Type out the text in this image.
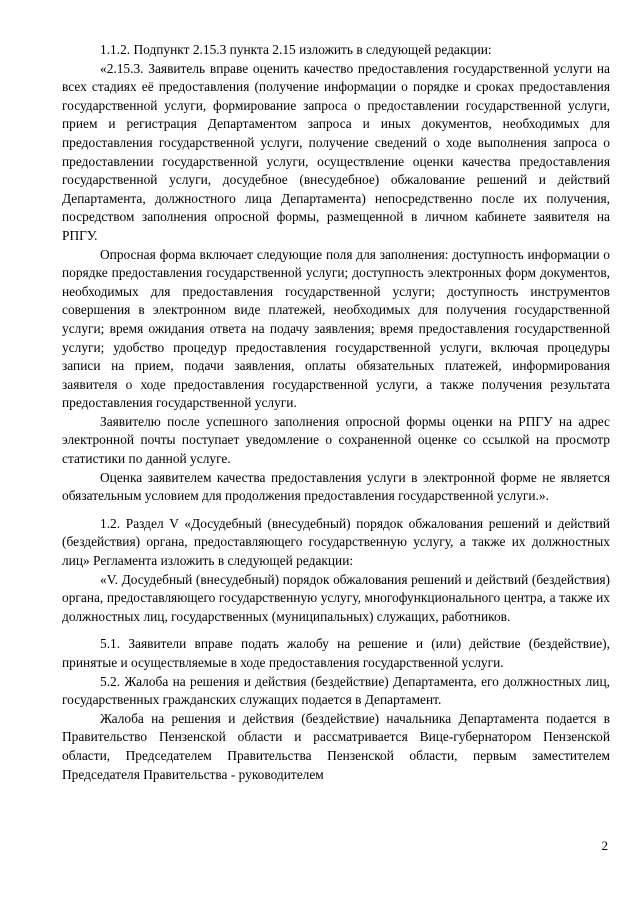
1.1.2. Подпункт 2.15.3 пункта 2.15 изложить в следующей редакции:

«2.15.3. Заявитель вправе оценить качество предоставления государственной услуги на всех стадиях её предоставления (получение информации о порядке и сроках предоставления государственной услуги, формирование запроса о предоставлении государственной услуги, прием и регистрация Департаментом запроса и иных документов, необходимых для предоставления государственной услуги, получение сведений о ходе выполнения запроса о предоставлении государственной услуги, осуществление оценки качества предоставления государственной услуги, досудебное (внесудебное) обжалование решений и действий Департамента, должностного лица Департамента) непосредственно после их получения, посредством заполнения опросной формы, размещенной в личном кабинете заявителя на РПГУ.

Опросная форма включает следующие поля для заполнения: доступность информации о порядке предоставления государственной услуги; доступность электронных форм документов, необходимых для предоставления государственной услуги; доступность инструментов совершения в электронном виде платежей, необходимых для получения государственной услуги; время ожидания ответа на подачу заявления; время предоставления государственной услуги; удобство процедур предоставления государственной услуги, включая процедуры записи на прием, подачи заявления, оплаты обязательных платежей, информирования заявителя о ходе предоставления государственной услуги, а также получения результата предоставления государственной услуги.

Заявителю после успешного заполнения опросной формы оценки на РПГУ на адрес электронной почты поступает уведомление о сохраненной оценке со ссылкой на просмотр статистики по данной услуге.

Оценка заявителем качества предоставления услуги в электронной форме не является обязательным условием для продолжения предоставления государственной услуги.».

1.2. Раздел V «Досудебный (внесудебный) порядок обжалования решений и действий (бездействия) органа, предоставляющего государственную услугу, а также их должностных лиц» Регламента изложить в следующей редакции:

«V. Досудебный (внесудебный) порядок обжалования решений и действий (бездействия) органа, предоставляющего государственную услугу, многофункционального центра, а также их должностных лиц, государственных (муниципальных) служащих, работников.

5.1. Заявители вправе подать жалобу на решение и (или) действие (бездействие), принятые и осуществляемые в ходе предоставления государственной услуги.

5.2. Жалоба на решения и действия (бездействие) Департамента, его должностных лиц, государственных гражданских служащих подается в Департамент.

Жалоба на решения и действия (бездействие) начальника Департамента подается в Правительство Пензенской области и рассматривается Вице-губернатором Пензенской области, Председателем Правительства Пензенской области, первым заместителем Председателя Правительства - руководителем

2
